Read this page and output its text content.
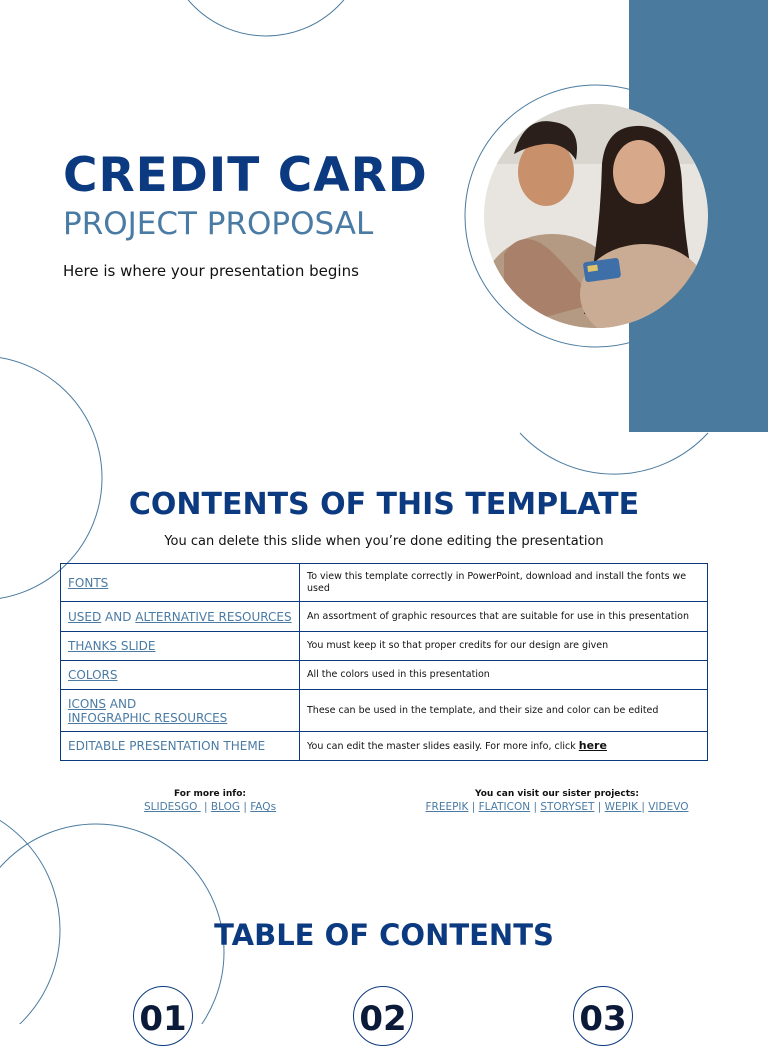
CREDIT CARD
PROJECT PROPOSAL
Here is where your presentation begins
CONTENTS OF THIS TEMPLATE
You can delete this slide when you’re done editing the presentation
FONTS	To view this template correctly in PowerPoint, download and install the fonts we used
USED AND ALTERNATIVE RESOURCES	An assortment of graphic resources that are suitable for use in this presentation
THANKS SLIDE	You must keep it so that proper credits for our design are given
COLORS	All the colors used in this presentation
ICONS AND
INFOGRAPHIC RESOURCES	These can be used in the template, and their size and color can be edited
EDITABLE PRESENTATION THEME	You can edit the master slides easily. For more info, click here
For more info:
SLIDESGO  | BLOG | FAQs
You can visit our sister projects:
FREEPIK | FLATICON | STORYSET | WEPIK | VIDEVO
TABLE OF CONTENTS
01	02	03
